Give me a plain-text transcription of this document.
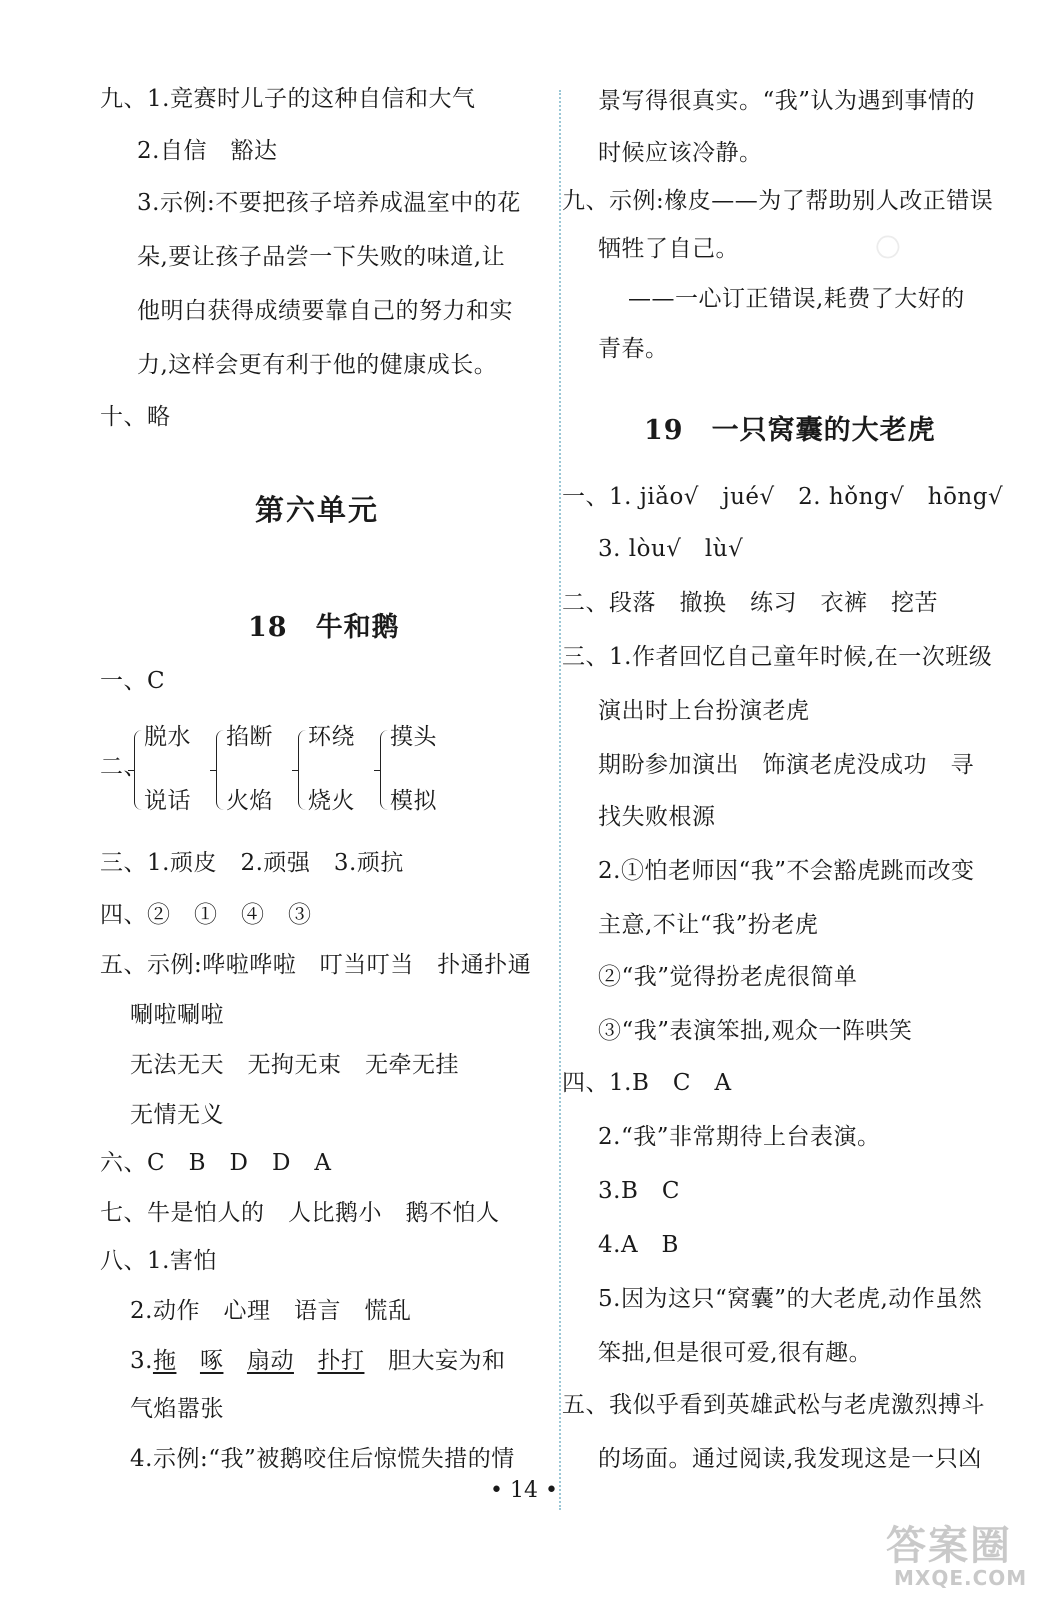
九、1.竞赛时儿子的这种自信和大气
2.自信　豁达
3.示例:不要把孩子培养成温室中的花
朵,要让孩子品尝一下失败的味道,让
他明白获得成绩要靠自己的努力和实
力,这样会更有利于他的健康成长。
十、略
第六单元
18　牛和鹅
一、C
二、
脱水
说话
掐断
火焰
环绕
烧火
摸头
模拟
三、1.顽皮　2.顽强　3.顽抗
四、②　①　④　③
五、示例:哗啦哗啦　叮当叮当　扑通扑通
唰啦唰啦
无法无天　无拘无束　无牵无挂
无情无义
六、C　B　D　D　A
七、牛是怕人的　人比鹅小　鹅不怕人
八、1.害怕
2.动作　心理　语言　慌乱
3.拖　 啄　 扇动　 扑打　 胆大妄为和
气焰嚣张
4.示例:“我”被鹅咬住后惊慌失措的情
○
景写得很真实。“我”认为遇到事情的
时候应该冷静。
九、示例:橡皮——为了帮助别人改正错误
牺牲了自己。
——一心订正错误,耗费了大好的
青春。
19　一只窝囊的大老虎
一、1. jiǎo√　jué√　2. hǒng√　hōng√
3. lòu√　lù√
二、段落　撤换　练习　衣裤　挖苦
三、1.作者回忆自己童年时候,在一次班级
演出时上台扮演老虎
期盼参加演出　饰演老虎没成功　寻
找失败根源
2.①怕老师因“我”不会豁虎跳而改变
主意,不让“我”扮老虎
②“我”觉得扮老虎很简单
③“我”表演笨拙,观众一阵哄笑
四、1.B　C　A
2.“我”非常期待上台表演。
3.B　C
4.A　B
5.因为这只“窝囊”的大老虎,动作虽然
笨拙,但是很可爱,很有趣。
五、我似乎看到英雄武松与老虎激烈搏斗
的场面。通过阅读,我发现这是一只凶
• 14 •
答案圈
MXQE.COM
